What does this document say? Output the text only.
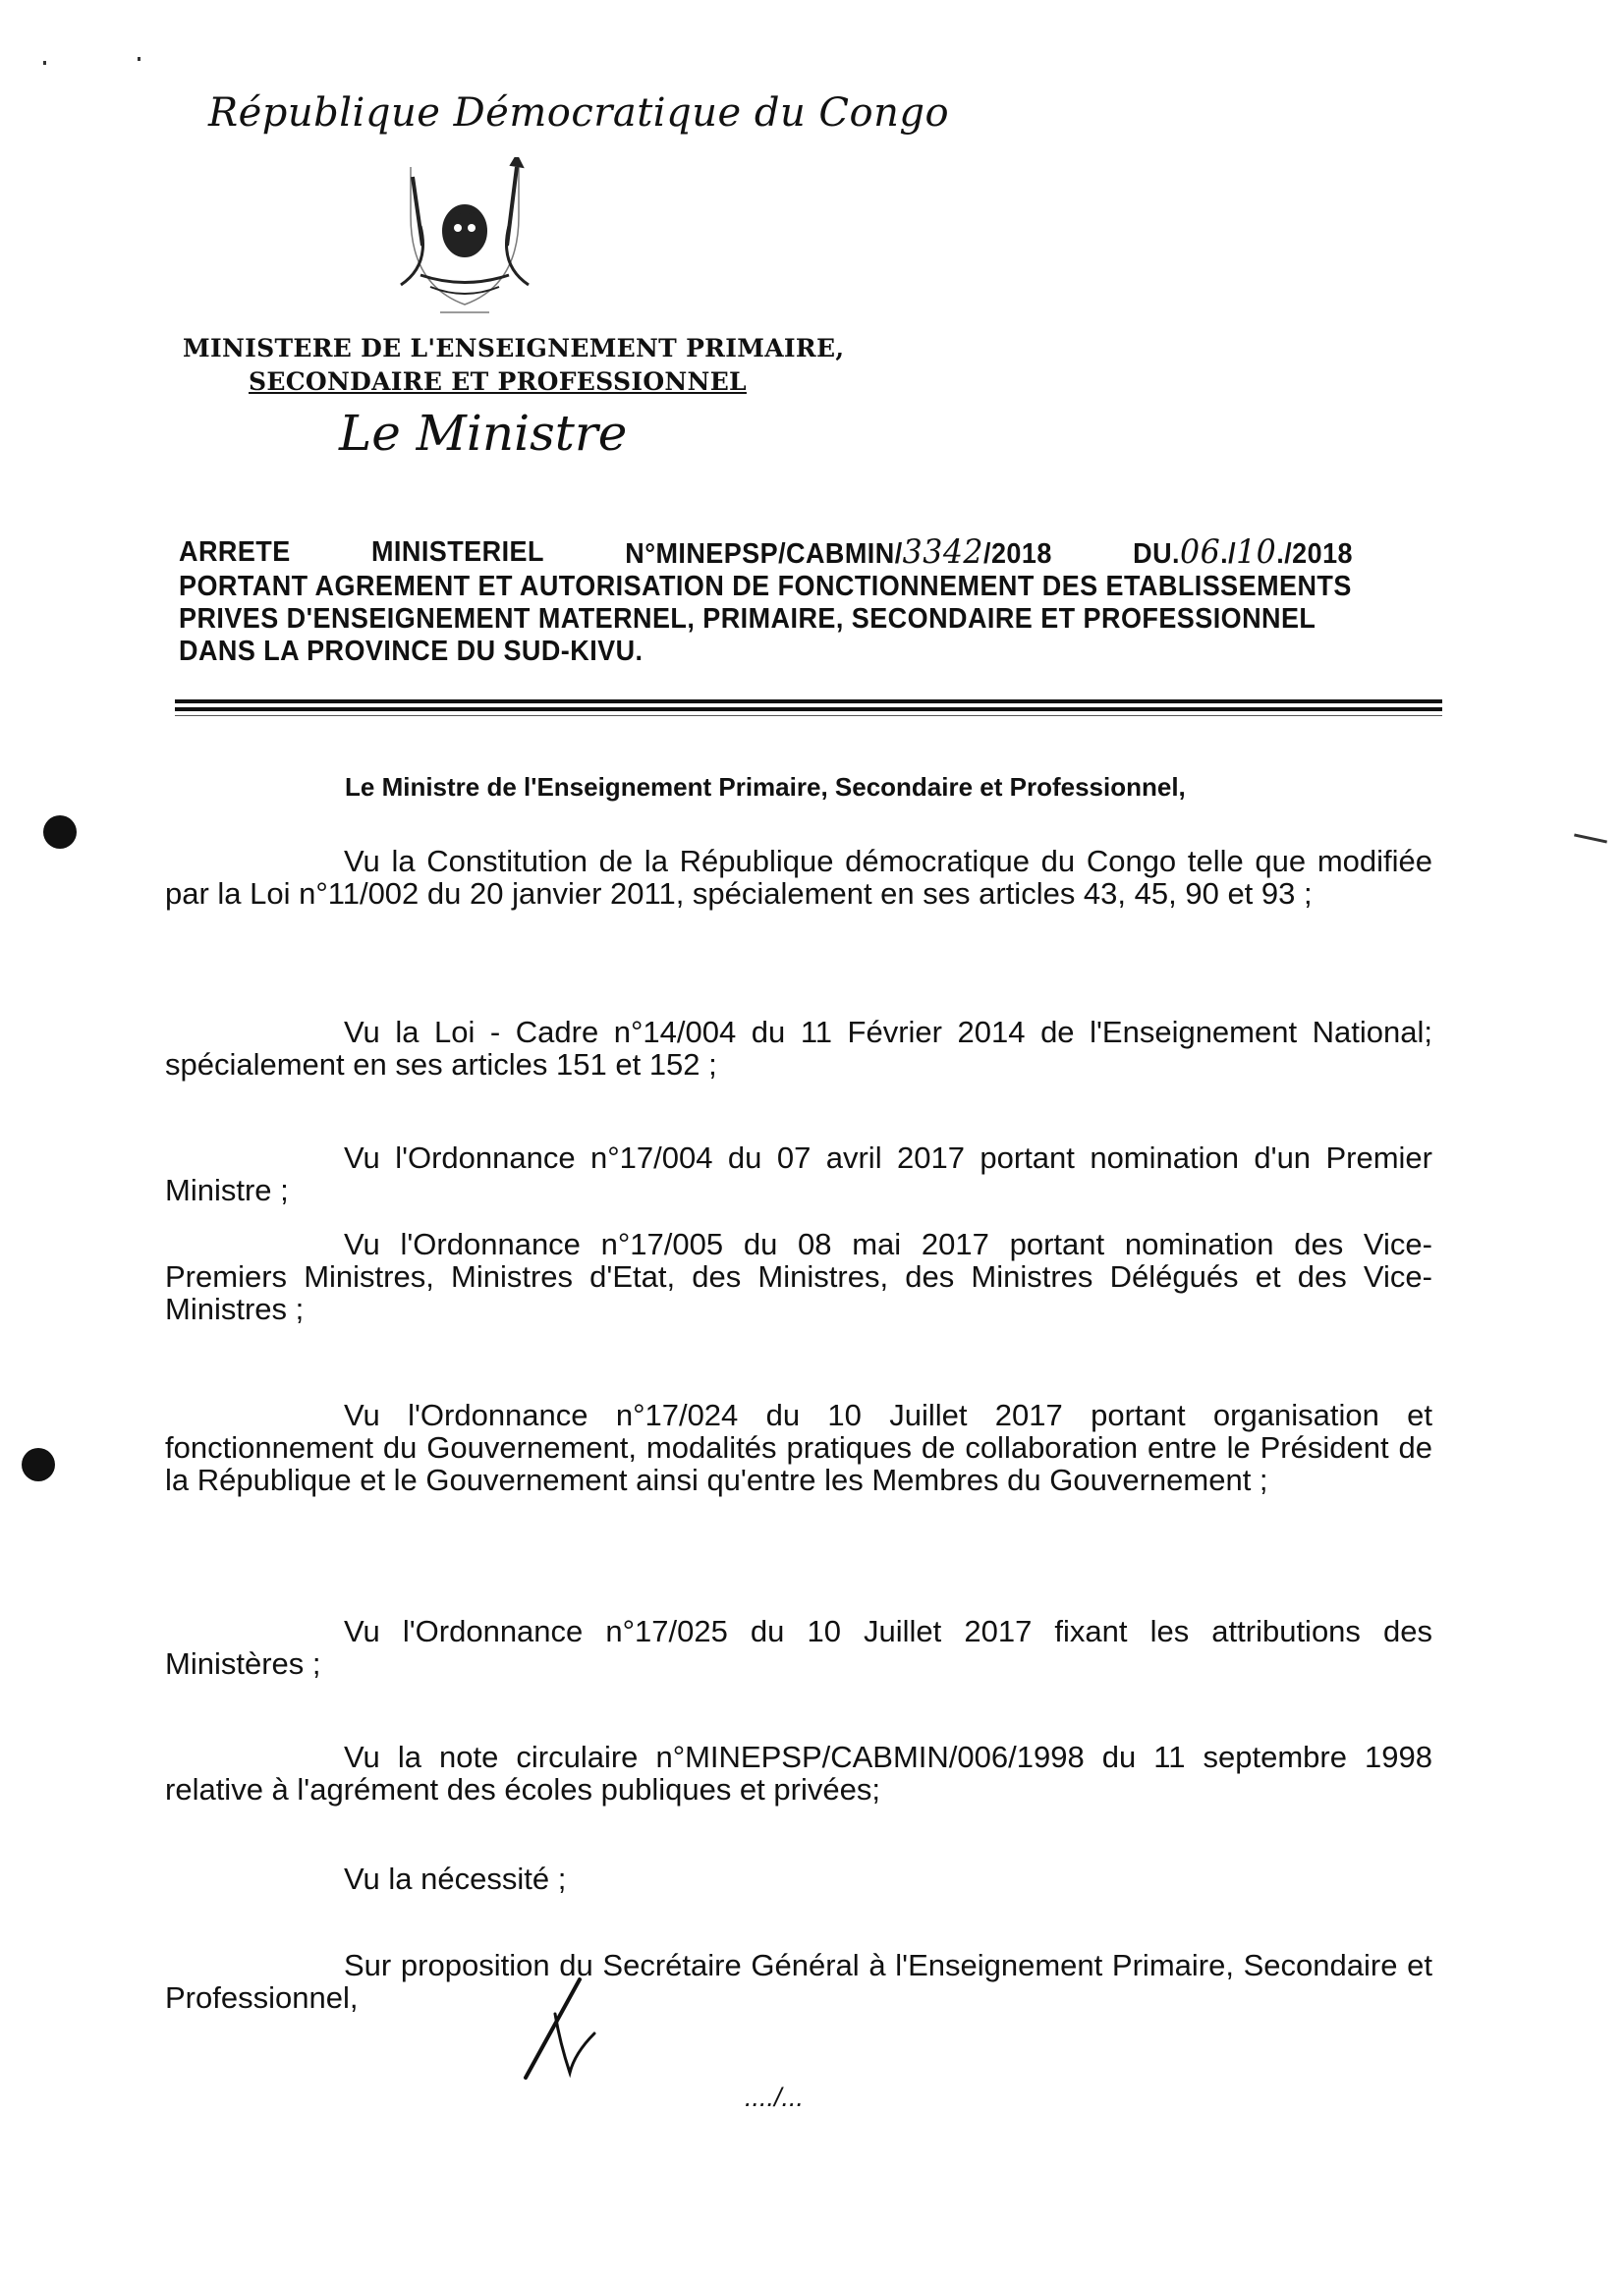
République Démocratique du Congo
MINISTERE DE L'ENSEIGNEMENT PRIMAIRE,
SECONDAIRE ET PROFESSIONNEL
Le Ministre
ARRETE	MINISTERIEL	N°MINEPSP/CABMIN/3342/2018	DU.06./10./2018
PORTANT AGREMENT ET AUTORISATION DE FONCTIONNEMENT DES ETABLISSEMENTS
PRIVES D'ENSEIGNEMENT MATERNEL, PRIMAIRE, SECONDAIRE ET PROFESSIONNEL
DANS LA PROVINCE DU SUD-KIVU.
Le Ministre de l'Enseignement Primaire, Secondaire et Professionnel,
Vu la Constitution de la République démocratique du Congo telle que modifiée par la Loi n°11/002 du 20 janvier 2011, spécialement en ses articles 43, 45, 90 et 93 ;
Vu la Loi - Cadre n°14/004 du 11 Février 2014 de l'Enseignement National; spécialement en ses articles 151 et 152 ;
Vu l'Ordonnance n°17/004 du 07 avril 2017 portant nomination d'un Premier Ministre ;
Vu l'Ordonnance n°17/005 du 08 mai 2017 portant nomination des Vice-Premiers Ministres, Ministres d'Etat, des Ministres, des Ministres Délégués et des Vice-Ministres ;
Vu l'Ordonnance n°17/024 du 10 Juillet 2017 portant organisation et fonctionnement du Gouvernement, modalités pratiques de collaboration entre le Président de la République et le Gouvernement ainsi qu'entre les Membres du Gouvernement ;
Vu l'Ordonnance n°17/025 du 10 Juillet 2017 fixant les attributions des Ministères ;
Vu la note circulaire n°MINEPSP/CABMIN/006/1998 du 11 septembre 1998 relative à l'agrément des écoles publiques et privées;
Vu la nécessité ;
Sur proposition du Secrétaire Général à l'Enseignement Primaire, Secondaire et Professionnel,
..../...
